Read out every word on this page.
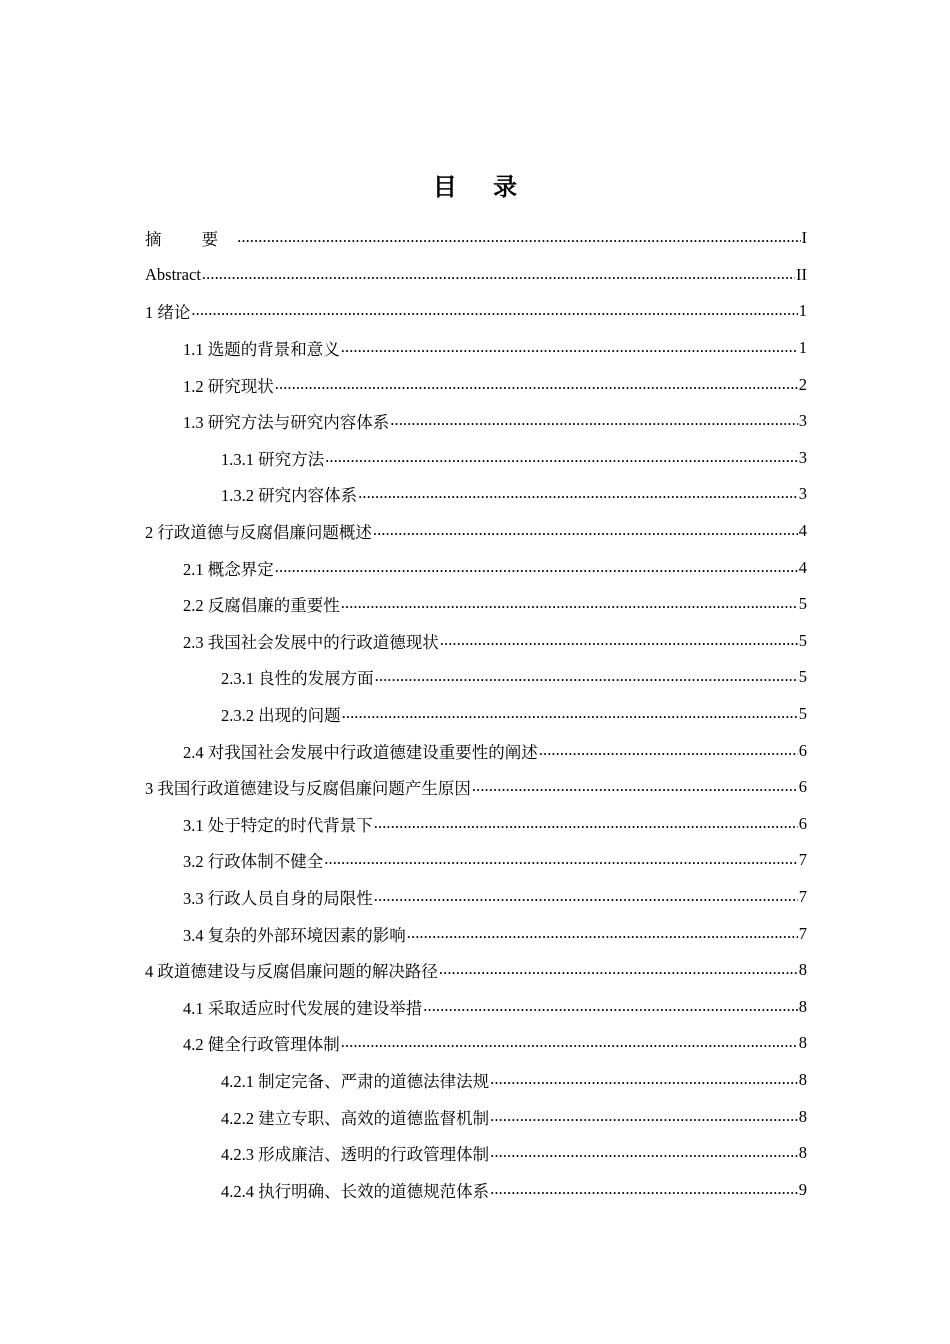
目 录
摘 要 .....	I
Abstract .....	II
1 绪论 .....	1
1.1 选题的背景和意义 .....	1
1.2 研究现状 .....	2
1.3 研究方法与研究内容体系 .....	3
1.3.1 研究方法 .....	3
1.3.2 研究内容体系 .....	3
2 行政道德与反腐倡廉问题概述 .....	4
2.1 概念界定 .....	4
2.2 反腐倡廉的重要性 .....	5
2.3 我国社会发展中的行政道德现状 .....	5
2.3.1 良性的发展方面 .....	5
2.3.2 出现的问题 .....	5
2.4 对我国社会发展中行政道德建设重要性的阐述 .....	6
3 我国行政道德建设与反腐倡廉问题产生原因 .....	6
3.1 处于特定的时代背景下 .....	6
3.2 行政体制不健全 .....	7
3.3 行政人员自身的局限性 .....	7
3.4 复杂的外部环境因素的影响 .....	7
4 政道德建设与反腐倡廉问题的解决路径 .....	8
4.1 采取适应时代发展的建设举措 .....	8
4.2 健全行政管理体制 .....	8
4.2.1 制定完备、严肃的道德法律法规 .....	8
4.2.2 建立专职、高效的道德监督机制 .....	8
4.2.3 形成廉洁、透明的行政管理体制 .....	8
4.2.4 执行明确、长效的道德规范体系 .....	9
